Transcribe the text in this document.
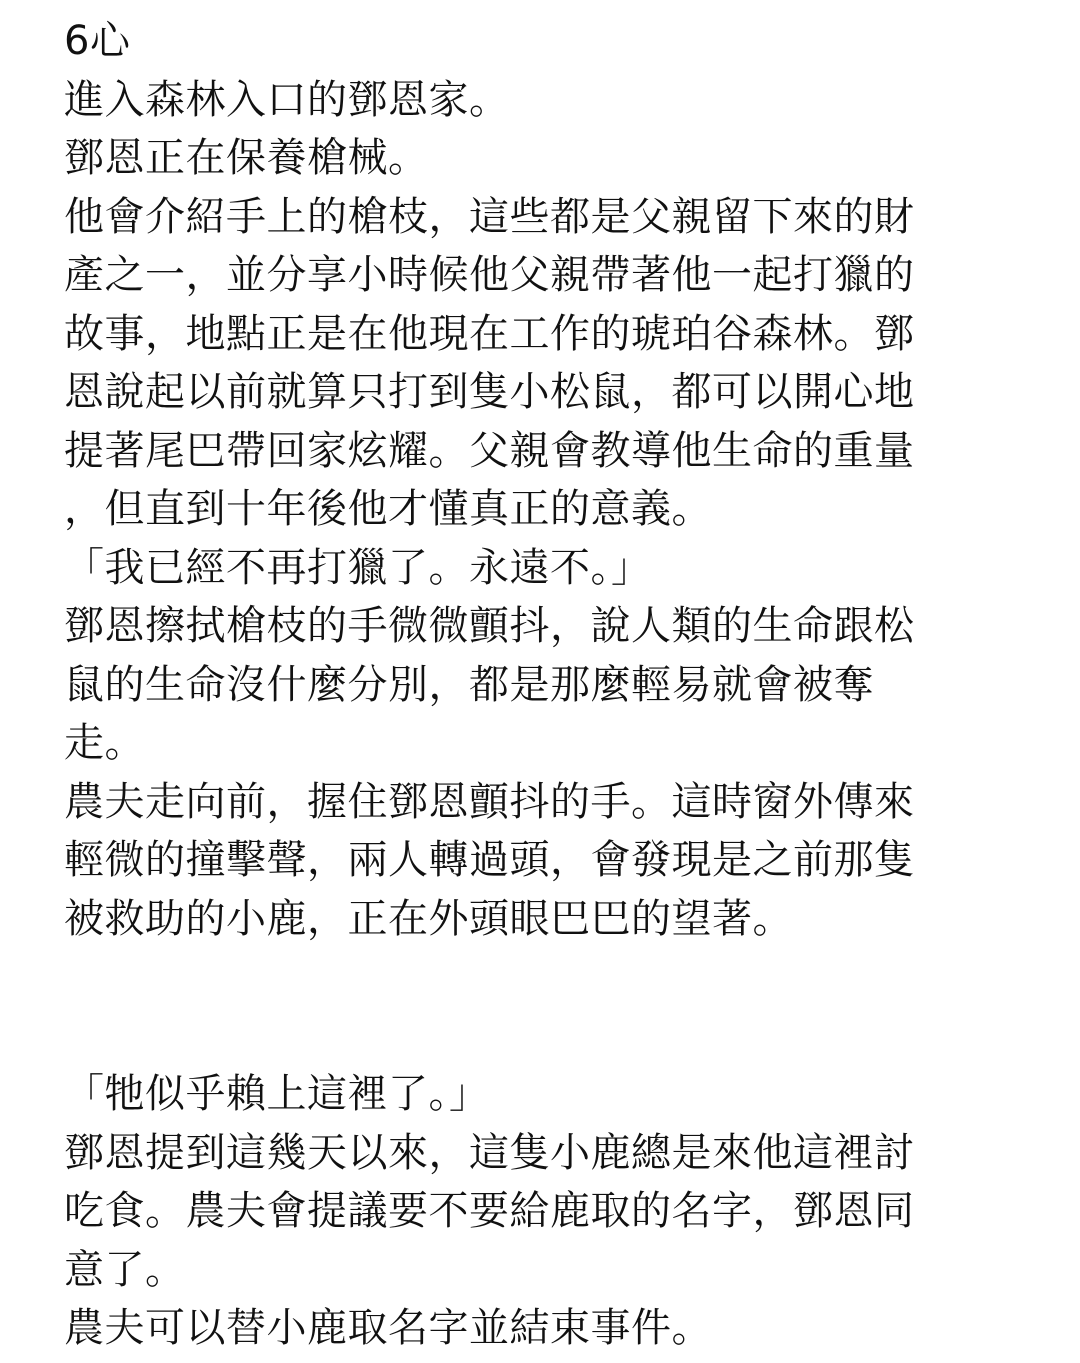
6心
進入森林入口的鄧恩家。
鄧恩正在保養槍械。
他會介紹手上的槍枝，這些都是父親留下來的財
產之一，並分享小時候他父親帶著他一起打獵的
故事，地點正是在他現在工作的琥珀谷森林。鄧
恩說起以前就算只打到隻小松鼠，都可以開心地
提著尾巴帶回家炫耀。父親會教導他生命的重量
，但直到十年後他才懂真正的意義。
「我已經不再打獵了。永遠不。」
鄧恩擦拭槍枝的手微微顫抖，說人類的生命跟松
鼠的生命沒什麼分別，都是那麼輕易就會被奪
走。
農夫走向前，握住鄧恩顫抖的手。這時窗外傳來
輕微的撞擊聲，兩人轉過頭，會發現是之前那隻
被救助的小鹿，正在外頭眼巴巴的望著。
「牠似乎賴上這裡了。」
鄧恩提到這幾天以來，這隻小鹿總是來他這裡討
吃食。農夫會提議要不要給鹿取的名字，鄧恩同
意了。
農夫可以替小鹿取名字並結束事件。
